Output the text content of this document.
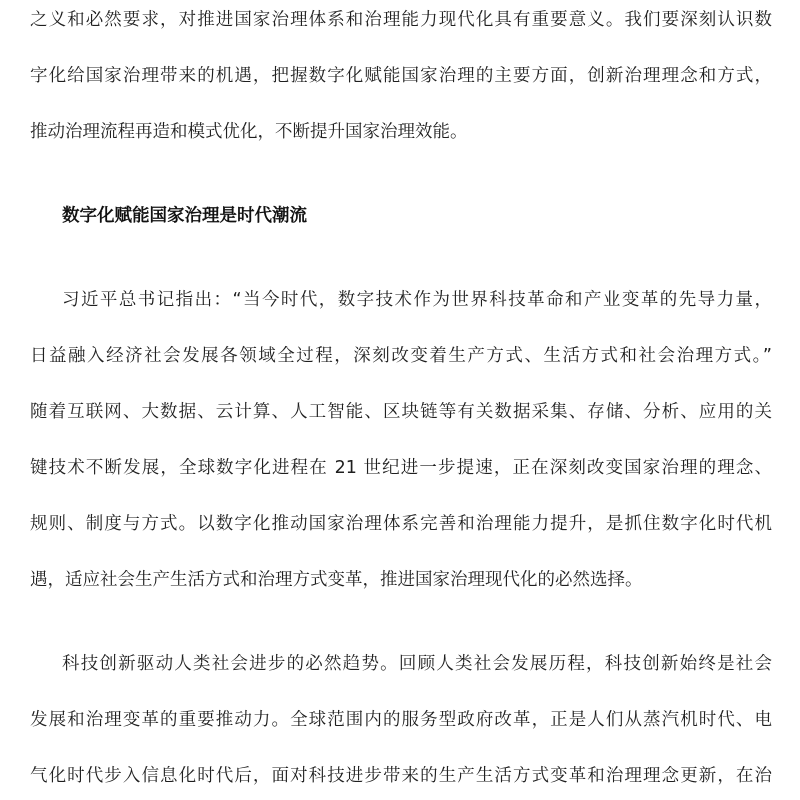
之义和必然要求，对推进国家治理体系和治理能力现代化具有重要意义。我们要深刻认识数
字化给国家治理带来的机遇，把握数字化赋能国家治理的主要方面，创新治理理念和方式，
推动治理流程再造和模式优化，不断提升国家治理效能。
数字化赋能国家治理是时代潮流
习近平总书记指出：“当今时代，数字技术作为世界科技革命和产业变革的先导力量，
日益融入经济社会发展各领域全过程，深刻改变着生产方式、生活方式和社会治理方式。”
随着互联网、大数据、云计算、人工智能、区块链等有关数据采集、存储、分析、应用的关
键技术不断发展，全球数字化进程在 21 世纪进一步提速，正在深刻改变国家治理的理念、
规则、制度与方式。以数字化推动国家治理体系完善和治理能力提升，是抓住数字化时代机
遇，适应社会生产生活方式和治理方式变革，推进国家治理现代化的必然选择。
科技创新驱动人类社会进步的必然趋势。回顾人类社会发展历程，科技创新始终是社会
发展和治理变革的重要推动力。全球范围内的服务型政府改革，正是人们从蒸汽机时代、电
气化时代步入信息化时代后，面对科技进步带来的生产生活方式变革和治理理念更新，在治
